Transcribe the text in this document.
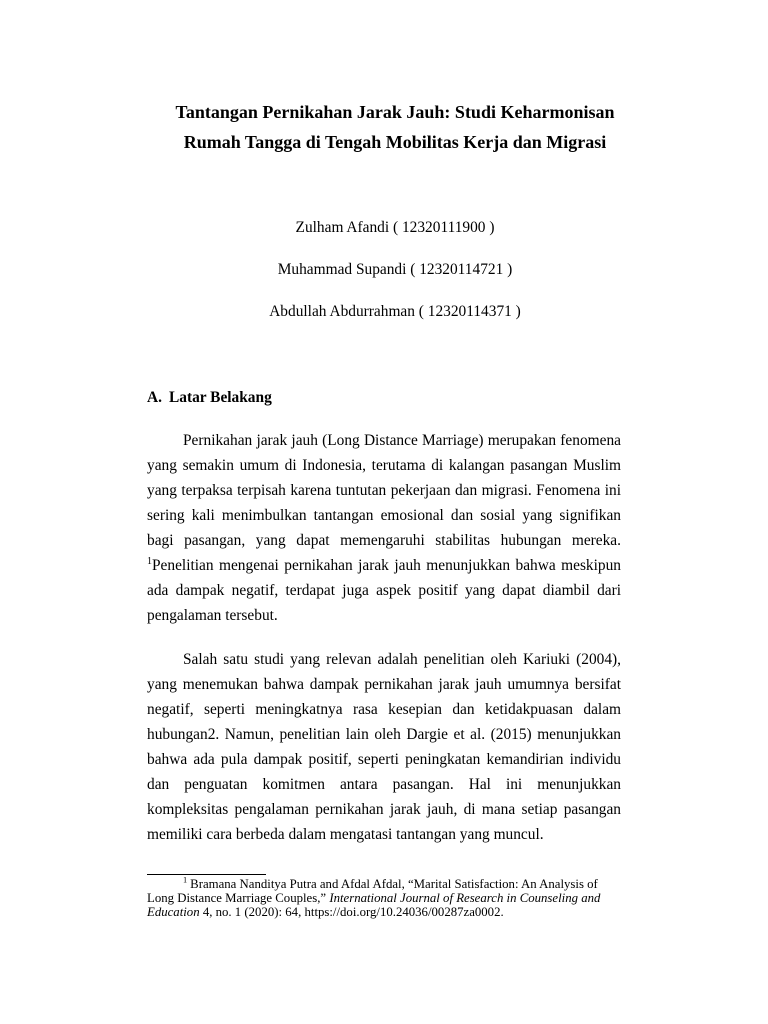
Tantangan Pernikahan Jarak Jauh: Studi Keharmonisan
Rumah Tangga di Tengah Mobilitas Kerja dan Migrasi
Zulham Afandi ( 12320111900 )
Muhammad Supandi ( 12320114721 )
Abdullah Abdurrahman ( 12320114371 )
A. Latar Belakang
Pernikahan jarak jauh (Long Distance Marriage) merupakan fenomena
yang semakin umum di Indonesia, terutama di kalangan pasangan Muslim
yang terpaksa terpisah karena tuntutan pekerjaan dan migrasi. Fenomena ini
sering kali menimbulkan tantangan emosional dan sosial yang signifikan
bagi pasangan, yang dapat memengaruhi stabilitas hubungan mereka.
$^1$Penelitian mengenai pernikahan jarak jauh menunjukkan bahwa meskipun
ada dampak negatif, terdapat juga aspek positif yang dapat diambil dari
pengalaman tersebut.
Salah satu studi yang relevan adalah penelitian oleh Kariuki (2004),
yang menemukan bahwa dampak pernikahan jarak jauh umumnya bersifat
negatif, seperti meningkatnya rasa kesepian dan ketidakpuasan dalam
hubungan2. Namun, penelitian lain oleh Dargie et al. (2015) menunjukkan
bahwa ada pula dampak positif, seperti peningkatan kemandirian individu
dan penguatan komitmen antara pasangan. Hal ini menunjukkan
kompleksitas pengalaman pernikahan jarak jauh, di mana setiap pasangan
memiliki cara berbeda dalam mengatasi tantangan yang muncul.
$^1$ Bramana Nanditya Putra and Afdal Afdal, “Marital Satisfaction: An Analysis of
Long Distance Marriage Couples,” International Journal of Research in Counseling and
Education 4, no. 1 (2020): 64, https://doi.org/10.24036/00287za0002.
